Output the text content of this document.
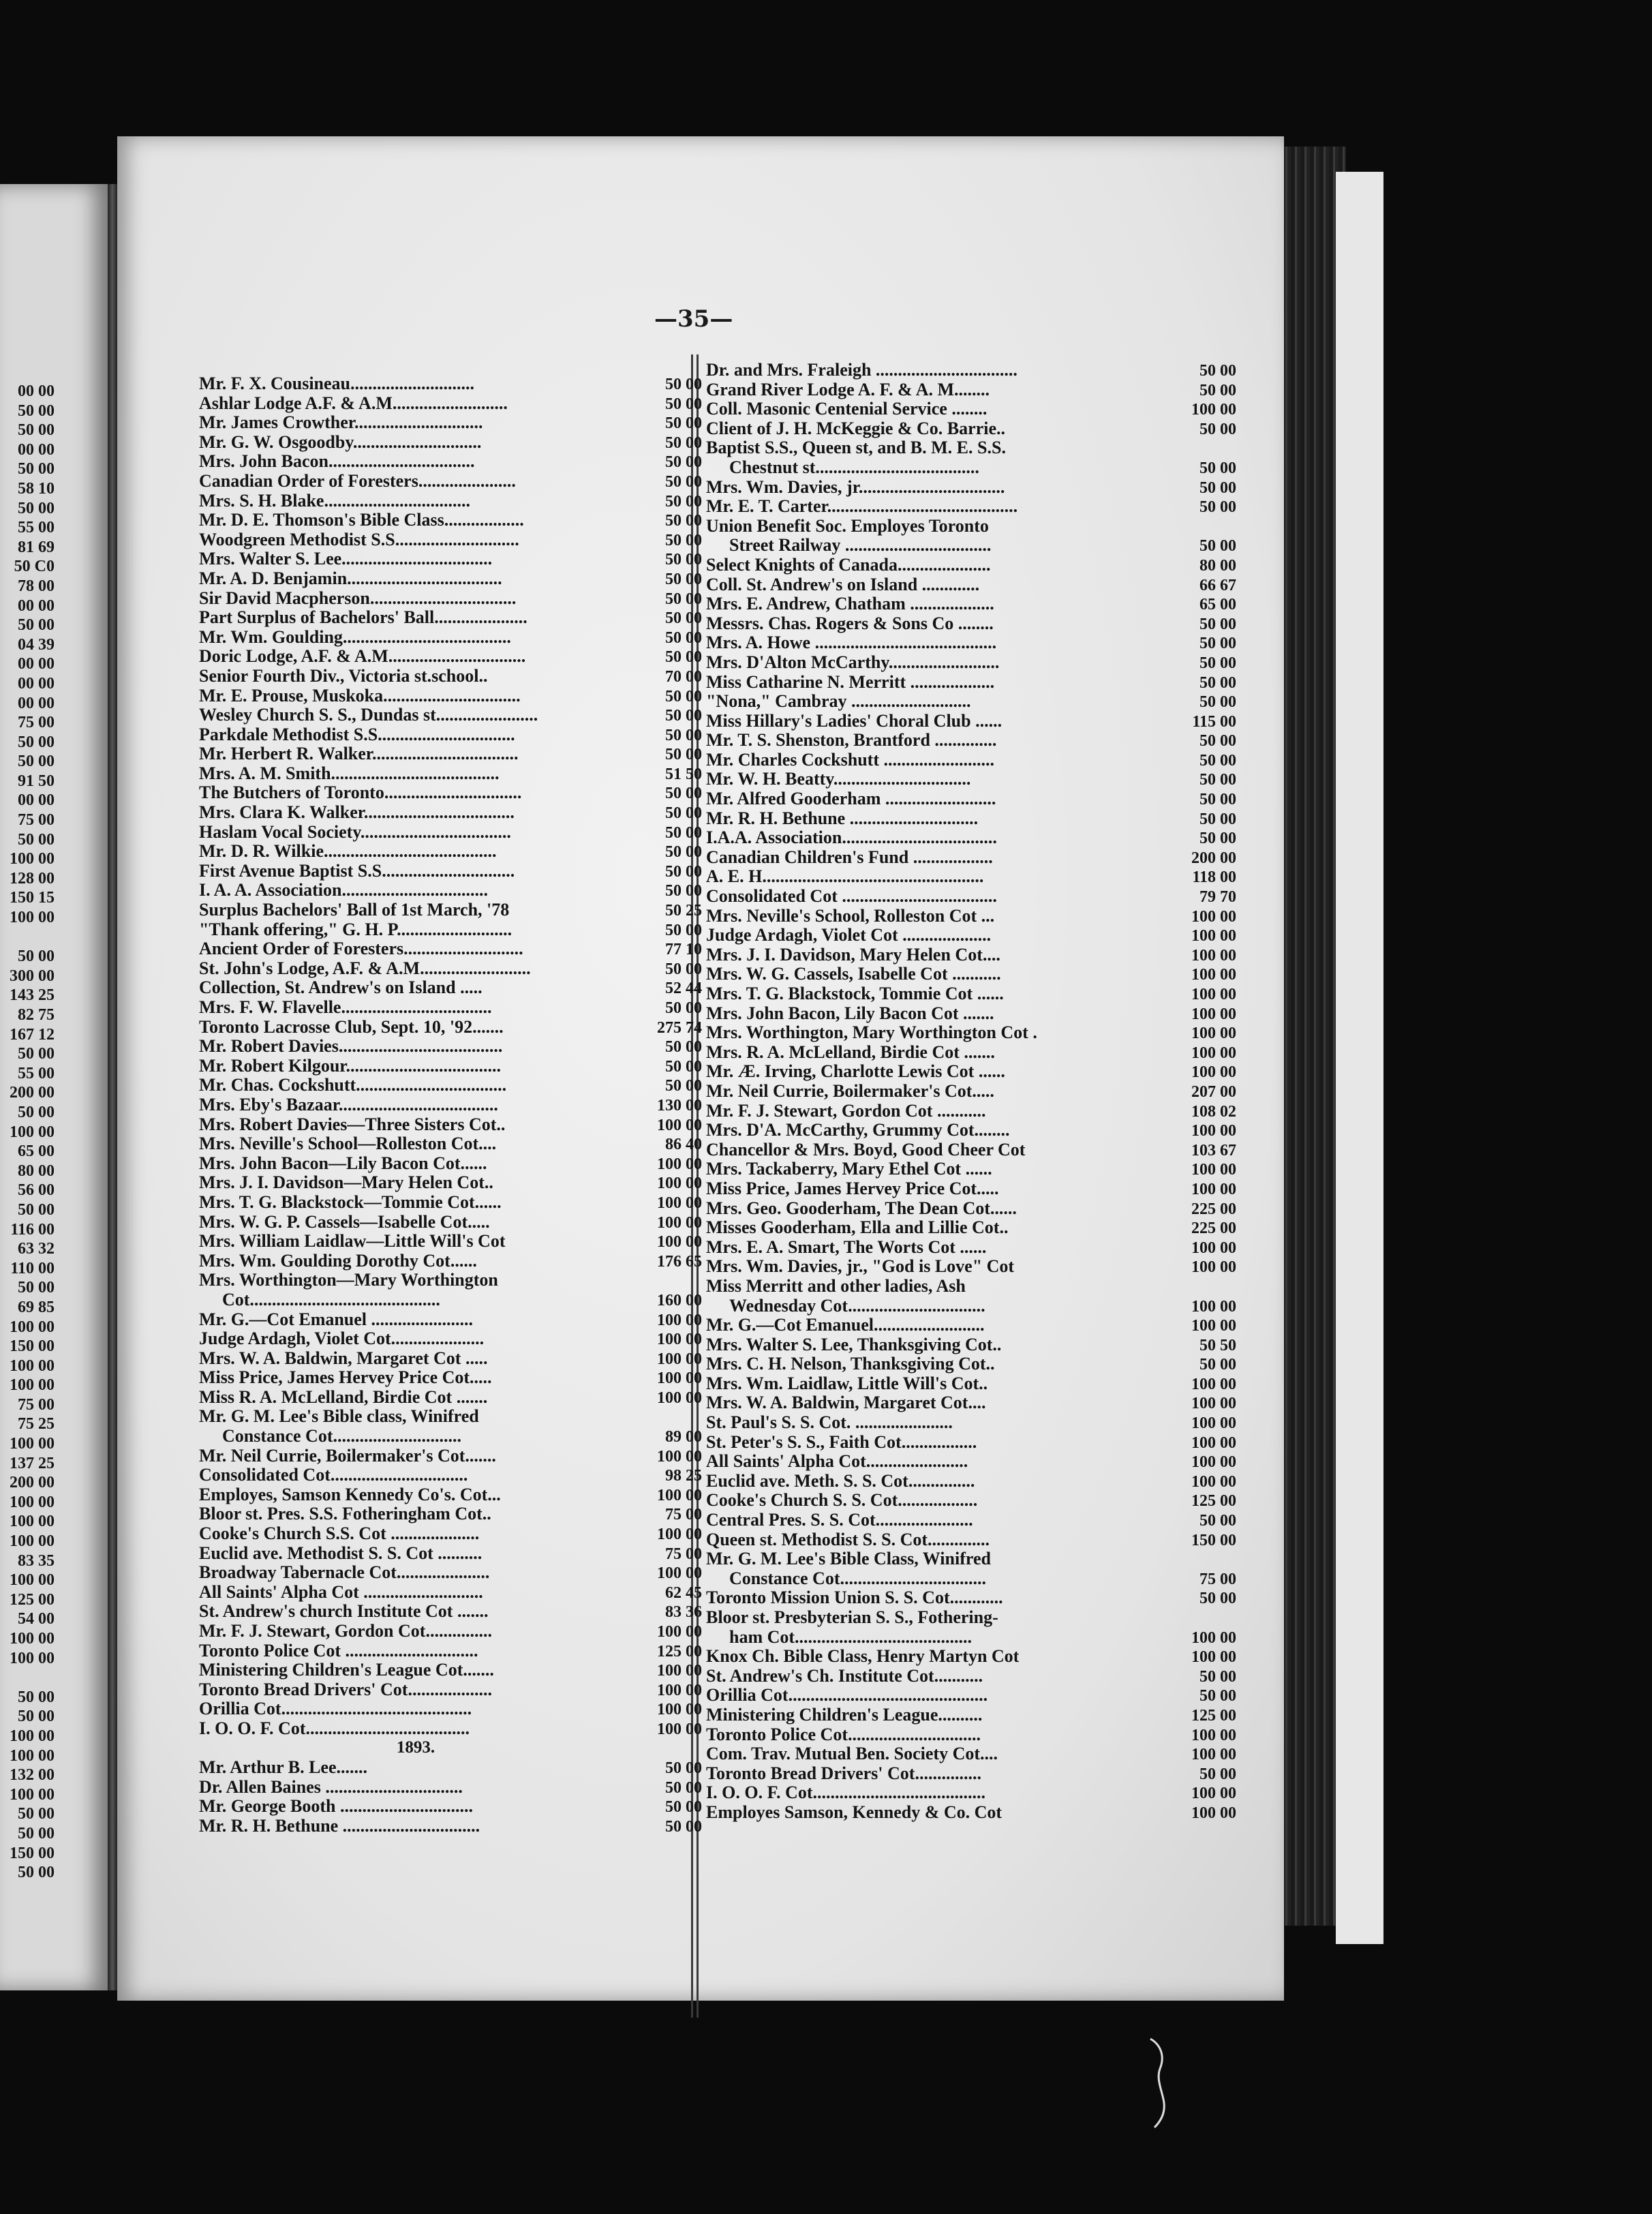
00 00
50 00
50 00
00 00
50 00
58 10
50 00
55 00
81 69
50 C0
78 00
00 00
50 00
04 39
00 00
00 00
00 00
75 00
50 00
50 00
91 50
00 00
75 00
50 00
100 00
128 00
150 15
100 00
50 00
300 00
143 25
82 75
167 12
50 00
55 00
200 00
50 00
100 00
65 00
80 00
56 00
50 00
116 00
63 32
110 00
50 00
69 85
100 00
150 00
100 00
100 00
75 00
75 25
100 00
137 25
200 00
100 00
100 00
100 00
83 35
100 00
125 00
54 00
100 00
100 00
50 00
50 00
100 00
100 00
132 00
100 00
50 00
50 00
150 00
50 00
—35—
Mr. F. X. Cousineau............................	50 00
Ashlar Lodge A.F. & A.M..........................	50 00
Mr. James Crowther.............................	50 00
Mr. G. W. Osgoodby.............................	50 00
Mrs. John Bacon.................................	50 00
Canadian Order of Foresters......................	50 00
Mrs. S. H. Blake.................................	50 00
Mr. D. E. Thomson's Bible Class..................	50 00
Woodgreen Methodist S.S............................	50 00
Mrs. Walter S. Lee..................................	50 00
Mr. A. D. Benjamin...................................	50 00
Sir David Macpherson.................................	50 00
Part Surplus of Bachelors' Ball.....................	50 00
Mr. Wm. Goulding......................................	50 00
Doric Lodge, A.F. & A.M...............................	50 00
Senior Fourth Div., Victoria st.school..	70 00
Mr. E. Prouse, Muskoka...............................	50 00
Wesley Church S. S., Dundas st.......................	50 00
Parkdale Methodist S.S...............................	50 00
Mr. Herbert R. Walker.................................	50 00
Mrs. A. M. Smith......................................	51 50
The Butchers of Toronto...............................	50 00
Mrs. Clara K. Walker..................................	50 00
Haslam Vocal Society..................................	50 00
Mr. D. R. Wilkie.......................................	50 00
First Avenue Baptist S.S..............................	50 00
I. A. A. Association.................................	50 00
Surplus Bachelors' Ball of 1st March, '78	50 25
"Thank offering," G. H. P..........................	50 00
Ancient Order of Foresters...........................	77 10
St. John's Lodge, A.F. & A.M.........................	50 00
Collection, St. Andrew's on Island .....	52 44
Mrs. F. W. Flavelle..................................	50 00
Toronto Lacrosse Club, Sept. 10, '92.......	275 74
Mr. Robert Davies.....................................	50 00
Mr. Robert Kilgour...................................	50 00
Mr. Chas. Cockshutt..................................	50 00
Mrs. Eby's Bazaar....................................	130 00
Mrs. Robert Davies—Three Sisters Cot..	100 00
Mrs. Neville's School—Rolleston Cot....	86 40
Mrs. John Bacon—Lily Bacon Cot......	100 00
Mrs. J. I. Davidson—Mary Helen Cot..	100 00
Mrs. T. G. Blackstock—Tommie Cot......	100 00
Mrs. W. G. P. Cassels—Isabelle Cot.....	100 00
Mrs. William Laidlaw—Little Will's Cot	100 00
Mrs. Wm. Goulding Dorothy Cot......	176 65
Mrs. Worthington—Mary Worthington
Cot...........................................	160 00
Mr. G.—Cot Emanuel .......................	100 00
Judge Ardagh, Violet Cot.....................	100 00
Mrs. W. A. Baldwin, Margaret Cot .....	100 00
Miss Price, James Hervey Price Cot.....	100 00
Miss R. A. McLelland, Birdie Cot .......	100 00
Mr. G. M. Lee's Bible class, Winifred
Constance Cot.............................	89 00
Mr. Neil Currie, Boilermaker's Cot.......	100 00
Consolidated Cot...............................	98 25
Employes, Samson Kennedy Co's. Cot...	100 00
Bloor st. Pres. S.S. Fotheringham Cot..	75 00
Cooke's Church S.S. Cot ....................	100 00
Euclid ave. Methodist S. S. Cot ..........	75 00
Broadway Tabernacle Cot.....................	100 00
All Saints' Alpha Cot ...........................	62 45
St. Andrew's church Institute Cot .......	83 36
Mr. F. J. Stewart, Gordon Cot...............	100 00
Toronto Police Cot ..............................	125 00
Ministering Children's League Cot.......	100 00
Toronto Bread Drivers' Cot...................	100 00
Orillia Cot...........................................	100 00
I. O. O. F. Cot.....................................	100 00
1893.
Mr. Arthur B. Lee.......	50 00
Dr. Allen Baines ...............................	50 00
Mr. George Booth ..............................	50 00
Mr. R. H. Bethune ...............................	50 00
Dr. and Mrs. Fraleigh ................................	50 00
Grand River Lodge A. F. & A. M........	50 00
Coll. Masonic Centenial Service ........	100 00
Client of J. H. McKeggie & Co. Barrie..	50 00
Baptist S.S., Queen st, and B. M. E. S.S.
Chestnut st.....................................	50 00
Mrs. Wm. Davies, jr.................................	50 00
Mr. E. T. Carter...........................................	50 00
Union Benefit Soc. Employes Toronto
Street Railway .................................	50 00
Select Knights of Canada.....................	80 00
Coll. St. Andrew's on Island .............	66 67
Mrs. E. Andrew, Chatham ...................	65 00
Messrs. Chas. Rogers & Sons Co ........	50 00
Mrs. A. Howe .........................................	50 00
Mrs. D'Alton McCarthy.........................	50 00
Miss Catharine N. Merritt ...................	50 00
"Nona," Cambray ...........................	50 00
Miss Hillary's Ladies' Choral Club ......	115 00
Mr. T. S. Shenston, Brantford ..............	50 00
Mr. Charles Cockshutt .........................	50 00
Mr. W. H. Beatty...............................	50 00
Mr. Alfred Gooderham .........................	50 00
Mr. R. H. Bethune .............................	50 00
I.A.A. Association...................................	50 00
Canadian Children's Fund ..................	200 00
A. E. H..................................................	118 00
Consolidated Cot ...................................	79 70
Mrs. Neville's School, Rolleston Cot ...	100 00
Judge Ardagh, Violet Cot ....................	100 00
Mrs. J. I. Davidson, Mary Helen Cot....	100 00
Mrs. W. G. Cassels, Isabelle Cot ...........	100 00
Mrs. T. G. Blackstock, Tommie Cot ......	100 00
Mrs. John Bacon, Lily Bacon Cot .......	100 00
Mrs. Worthington, Mary Worthington Cot .	100 00
Mrs. R. A. McLelland, Birdie Cot .......	100 00
Mr. Æ. Irving, Charlotte Lewis Cot ......	100 00
Mr. Neil Currie, Boilermaker's Cot.....	207 00
Mr. F. J. Stewart, Gordon Cot ...........	108 02
Mrs. D'A. McCarthy, Grummy Cot........	100 00
Chancellor & Mrs. Boyd, Good Cheer Cot	103 67
Mrs. Tackaberry, Mary Ethel Cot ......	100 00
Miss Price, James Hervey Price Cot.....	100 00
Mrs. Geo. Gooderham, The Dean Cot......	225 00
Misses Gooderham, Ella and Lillie Cot..	225 00
Mrs. E. A. Smart, The Worts Cot ......	100 00
Mrs. Wm. Davies, jr., "God is Love" Cot	100 00
Miss Merritt and other ladies, Ash
Wednesday Cot...............................	100 00
Mr. G.—Cot Emanuel.........................	100 00
Mrs. Walter S. Lee, Thanksgiving Cot..	50 50
Mrs. C. H. Nelson, Thanksgiving Cot..	50 00
Mrs. Wm. Laidlaw, Little Will's Cot..	100 00
Mrs. W. A. Baldwin, Margaret Cot....	100 00
St. Paul's S. S. Cot. ......................	100 00
St. Peter's S. S., Faith Cot.................	100 00
All Saints' Alpha Cot.......................	100 00
Euclid ave. Meth. S. S. Cot...............	100 00
Cooke's Church S. S. Cot..................	125 00
Central Pres. S. S. Cot......................	50 00
Queen st. Methodist S. S. Cot..............	150 00
Mr. G. M. Lee's Bible Class, Winifred
Constance Cot.................................	75 00
Toronto Mission Union S. S. Cot............	50 00
Bloor st. Presbyterian S. S., Fothering-
ham Cot........................................	100 00
Knox Ch. Bible Class, Henry Martyn Cot	100 00
St. Andrew's Ch. Institute Cot...........	50 00
Orillia Cot.............................................	50 00
Ministering Children's League..........	125 00
Toronto Police Cot..............................	100 00
Com. Trav. Mutual Ben. Society Cot....	100 00
Toronto Bread Drivers' Cot...............	50 00
I. O. O. F. Cot.......................................	100 00
Employes Samson, Kennedy & Co. Cot	100 00
